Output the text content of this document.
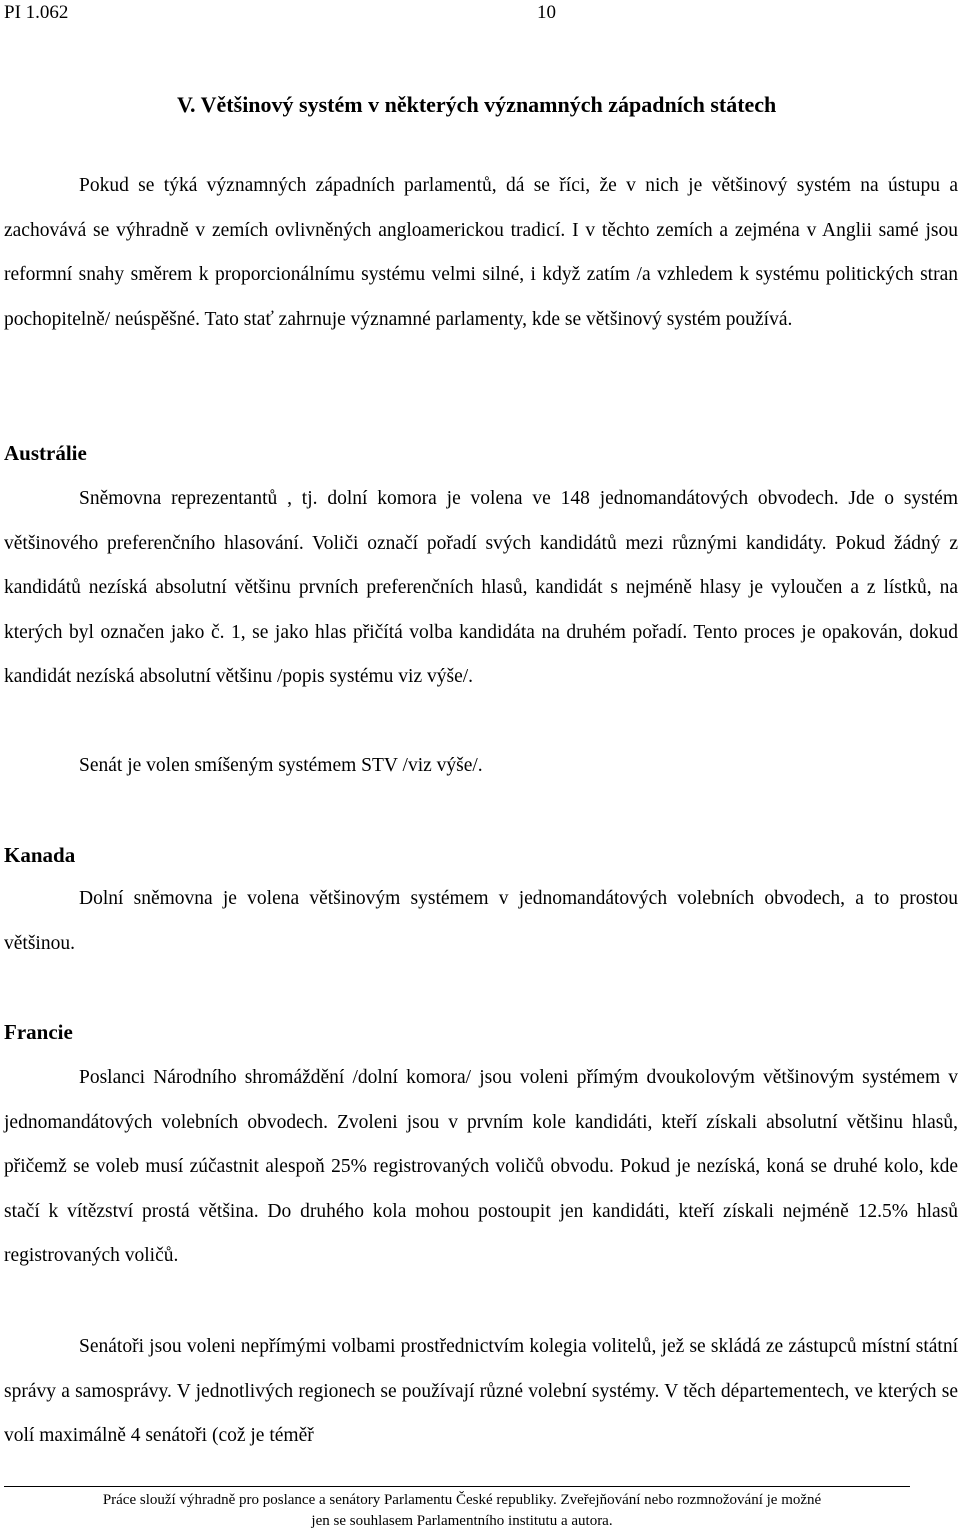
PI 1.062	10
V. Většinový systém v některých významných západních státech

Pokud se týká významných západních parlamentů, dá se říci, že v nich je většinový systém na ústupu a zachovává se výhradně v zemích ovlivněných angloamerickou tradicí. I v těchto zemích a zejména v Anglii samé jsou reformní snahy směrem k proporcionálnímu systému velmi silné, i když zatím /a vzhledem k systému politických stran pochopitelně/ neúspěšné. Tato stať zahrnuje významné parlamenty, kde se většinový systém používá.

Austrálie

Sněmovna reprezentantů , tj. dolní komora je volena ve 148 jednomandátových obvodech. Jde o systém většinového preferenčního hlasování. Voliči označí pořadí svých kandidátů mezi různými kandidáty. Pokud žádný z kandidátů nezíská absolutní většinu prvních preferenčních hlasů, kandidát s nejméně hlasy je vyloučen a z lístků, na kterých byl označen jako č. 1, se jako hlas přičítá volba kandidáta na druhém pořadí. Tento proces je opakován, dokud kandidát nezíská absolutní většinu /popis systému viz výše/.

Senát je volen smíšeným systémem STV /viz výše/.

Kanada

Dolní sněmovna je volena většinovým systémem v jednomandátových volebních obvodech, a to prostou většinou.

Francie

Poslanci Národního shromáždění /dolní komora/ jsou voleni přímým dvoukolovým většinovým systémem v jednomandátových volebních obvodech. Zvoleni jsou v prvním kole kandidáti, kteří získali absolutní většinu hlasů, přičemž se voleb musí zúčastnit alespoň 25% registrovaných voličů obvodu. Pokud je nezíská, koná se druhé kolo, kde stačí k vítězství prostá většina. Do druhého kola mohou postoupit jen kandidáti, kteří získali nejméně 12.5% hlasů registrovaných voličů.

Senátoři jsou voleni nepřímými volbami prostřednictvím kolegia volitelů, jež se skládá ze zástupců místní státní správy a samosprávy. V jednotlivých regionech se používají různé volební systémy. V těch départementech, ve kterých se volí maximálně 4 senátoři (což je téměř

Práce slouží výhradně pro poslance a senátory Parlamentu České republiky. Zveřejňování nebo rozmnožování je možné
jen se souhlasem Parlamentního institutu a autora.
